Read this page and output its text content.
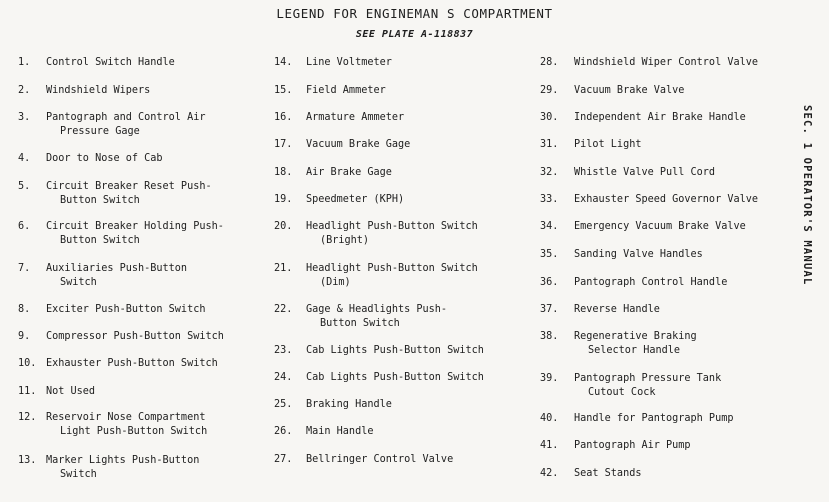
LEGEND FOR ENGINEMAN S COMPARTMENT
SEE PLATE A-118837
SEC. 1 OPERATOR'S MANUAL
1. Control Switch Handle
2. Windshield Wipers
3. Pantograph and Control Air
Pressure Gage
4. Door to Nose of Cab
5. Circuit Breaker Reset Push-
Button Switch
6. Circuit Breaker Holding Push-
Button Switch
7. Auxiliaries Push-Button
Switch
8. Exciter Push-Button Switch
9. Compressor Push-Button Switch
10. Exhauster Push-Button Switch
11. Not Used
12. Reservoir Nose Compartment
Light Push-Button Switch
13. Marker Lights Push-Button
Switch
14. Line Voltmeter
15. Field Ammeter
16. Armature Ammeter
17. Vacuum Brake Gage
18. Air Brake Gage
19. Speedmeter (KPH)
20. Headlight Push-Button Switch
(Bright)
21. Headlight Push-Button Switch
(Dim)
22. Gage & Headlights Push-
Button Switch
23. Cab Lights Push-Button Switch
24. Cab Lights Push-Button Switch
25. Braking Handle
26. Main Handle
27. Bellringer Control Valve
28. Windshield Wiper Control Valve
29. Vacuum Brake Valve
30. Independent Air Brake Handle
31. Pilot Light
32. Whistle Valve Pull Cord
33. Exhauster Speed Governor Valve
34. Emergency Vacuum Brake Valve
35. Sanding Valve Handles
36. Pantograph Control Handle
37. Reverse Handle
38. Regenerative Braking
Selector Handle
39. Pantograph Pressure Tank
Cutout Cock
40. Handle for Pantograph Pump
41. Pantograph Air Pump
42. Seat Stands
